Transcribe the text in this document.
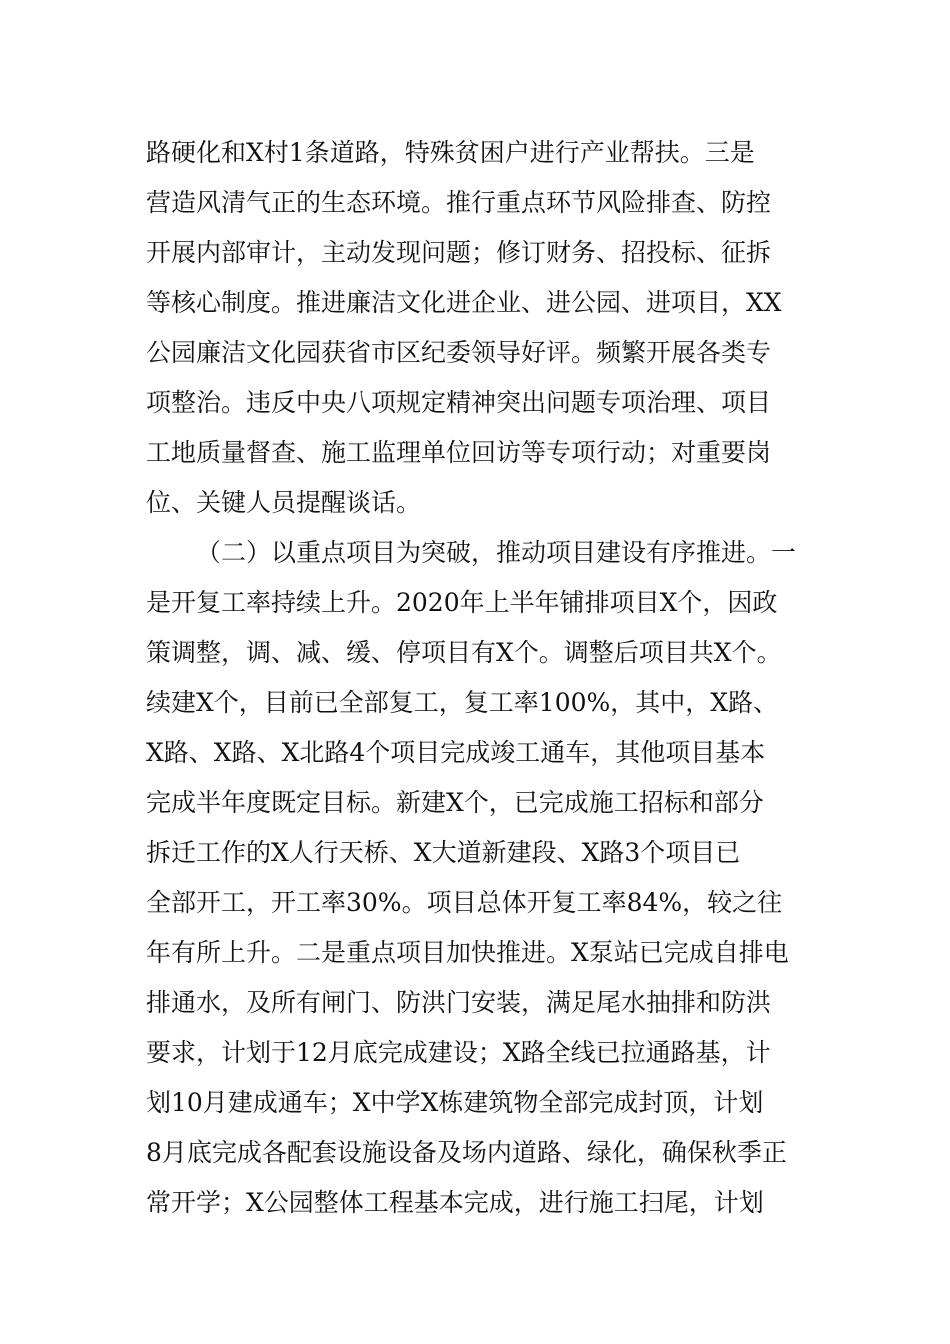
路硬化和X村1条道路，特殊贫困户进行产业帮扶。三是
营造风清气正的生态环境。推行重点环节风险排查、防控
开展内部审计，主动发现问题；修订财务、招投标、征拆
等核心制度。推进廉洁文化进企业、进公园、进项目，XX
公园廉洁文化园获省市区纪委领导好评。频繁开展各类专
项整治。违反中央八项规定精神突出问题专项治理、项目
工地质量督查、施工监理单位回访等专项行动；对重要岗
位、关键人员提醒谈话。
（二）以重点项目为突破，推动项目建设有序推进。一
是开复工率持续上升。2020年上半年铺排项目X个，因政
策调整，调、减、缓、停项目有X个。调整后项目共X个。
续建X个，目前已全部复工，复工率100%，其中，X路、
X路、X路、X北路4个项目完成竣工通车，其他项目基本
完成半年度既定目标。新建X个，已完成施工招标和部分
拆迁工作的X人行天桥、X大道新建段、X路3个项目已
全部开工，开工率30%。项目总体开复工率84%，较之往
年有所上升。二是重点项目加快推进。X泵站已完成自排电
排通水，及所有闸门、防洪门安装，满足尾水抽排和防洪
要求，计划于12月底完成建设；X路全线已拉通路基，计
划10月建成通车；X中学X栋建筑物全部完成封顶，计划
8月底完成各配套设施设备及场内道路、绿化，确保秋季正
常开学；X公园整体工程基本完成，进行施工扫尾，计划
